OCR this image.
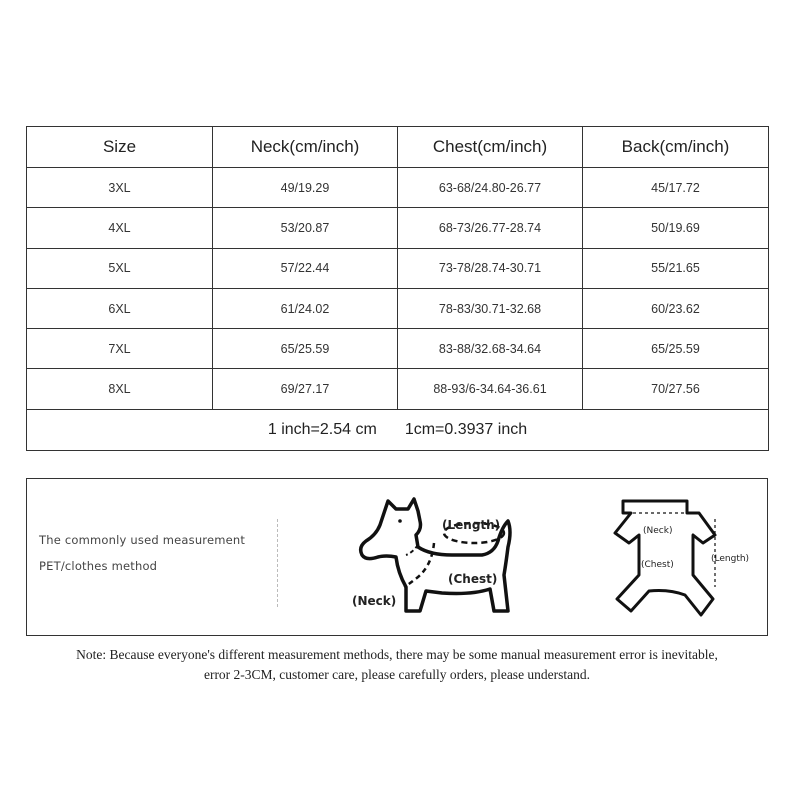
Size	Neck(cm/inch)	Chest(cm/inch)	Back(cm/inch)
3XL	49/19.29	63-68/24.80-26.77	45/17.72
4XL	53/20.87	68-73/26.77-28.74	50/19.69
5XL	57/22.44	73-78/28.74-30.71	55/21.65
6XL	61/24.02	78-83/30.71-32.68	60/23.62
7XL	65/25.59	83-88/32.68-34.64	65/25.59
8XL	69/27.17	88-93/6-34.64-36.61	70/27.56
1 inch=2.54 cm 1cm=0.3937 inch			
The commonly used measurement
PET/clothes method
(Length)
(Chest)
(Neck)
(Neck)
(Chest)
(Length)
Note: Because everyone's different measurement methods, there may be some manual measurement error is inevitable,
error 2-3CM, customer care, please carefully orders, please understand.
